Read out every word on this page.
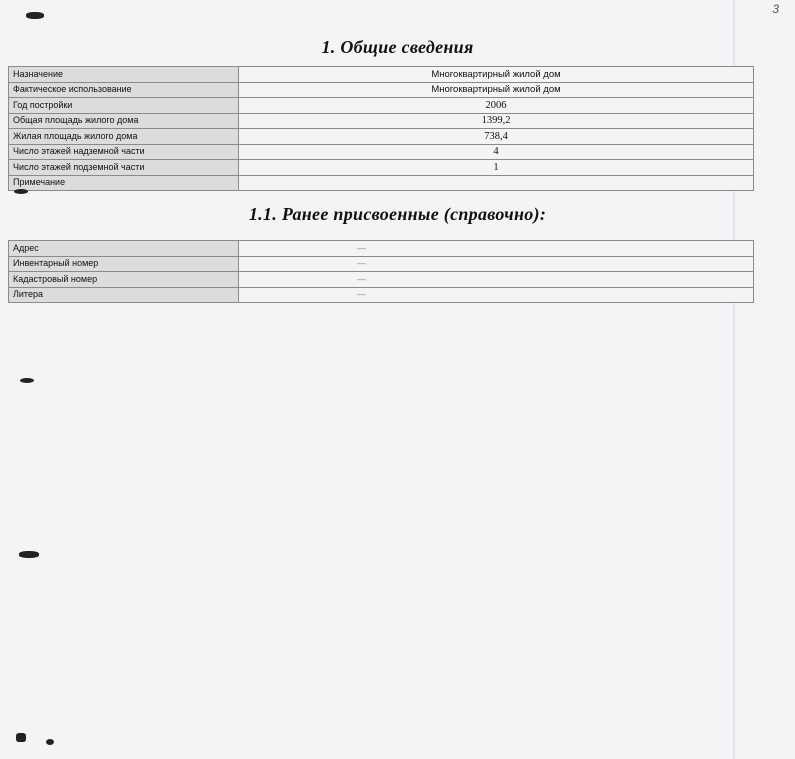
3
1. Общие сведения
Назначение	Многоквартирный жилой дом
Фактическое использование	Многоквартирный жилой дом
Год постройки	2006
Общая площадь жилого дома	1399,2
Жилая площадь жилого дома	738,4
Число этажей надземной части	4
Число этажей подземной части	1
Примечание	
1.1. Ранее присвоенные (справочно):
Адрес	—
Инвентарный номер	—
Кадастровый номер	—
Литера	—
